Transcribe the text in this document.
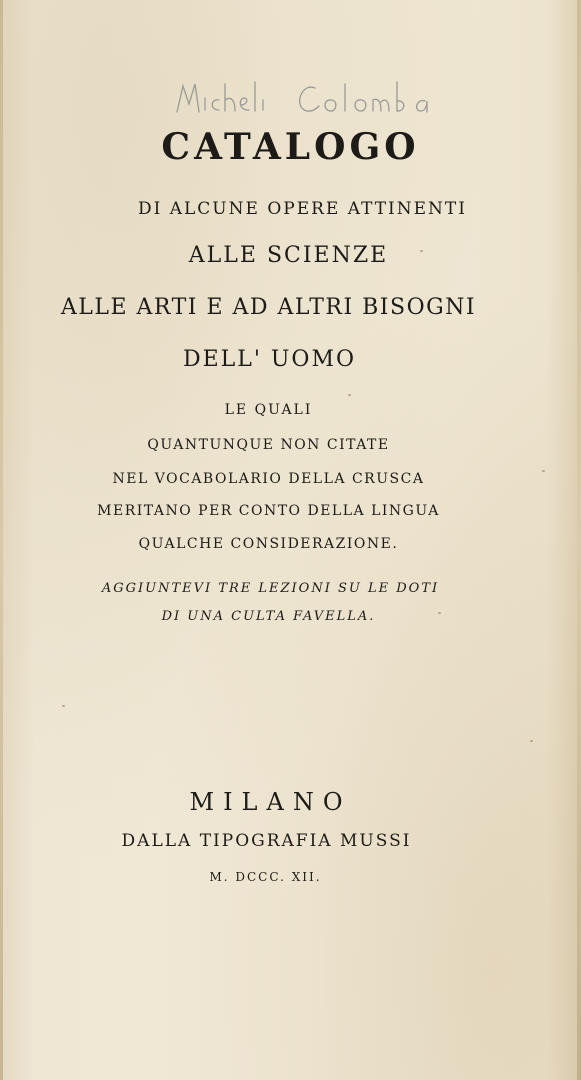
CATALOGO
DI ALCUNE OPERE ATTINENTI
ALLE SCIENZE
ALLE ARTI E AD ALTRI BISOGNI
DELL' UOMO
LE QUALI
QUANTUNQUE NON CITATE
NEL VOCABOLARIO DELLA CRUSCA
MERITANO PER CONTO DELLA LINGUA
QUALCHE CONSIDERAZIONE.
AGGIUNTEVI TRE LEZIONI SU LE DOTI
DI UNA CULTA FAVELLA.
MILANO
DALLA TIPOGRAFIA MUSSI
M. DCCC. XII.
